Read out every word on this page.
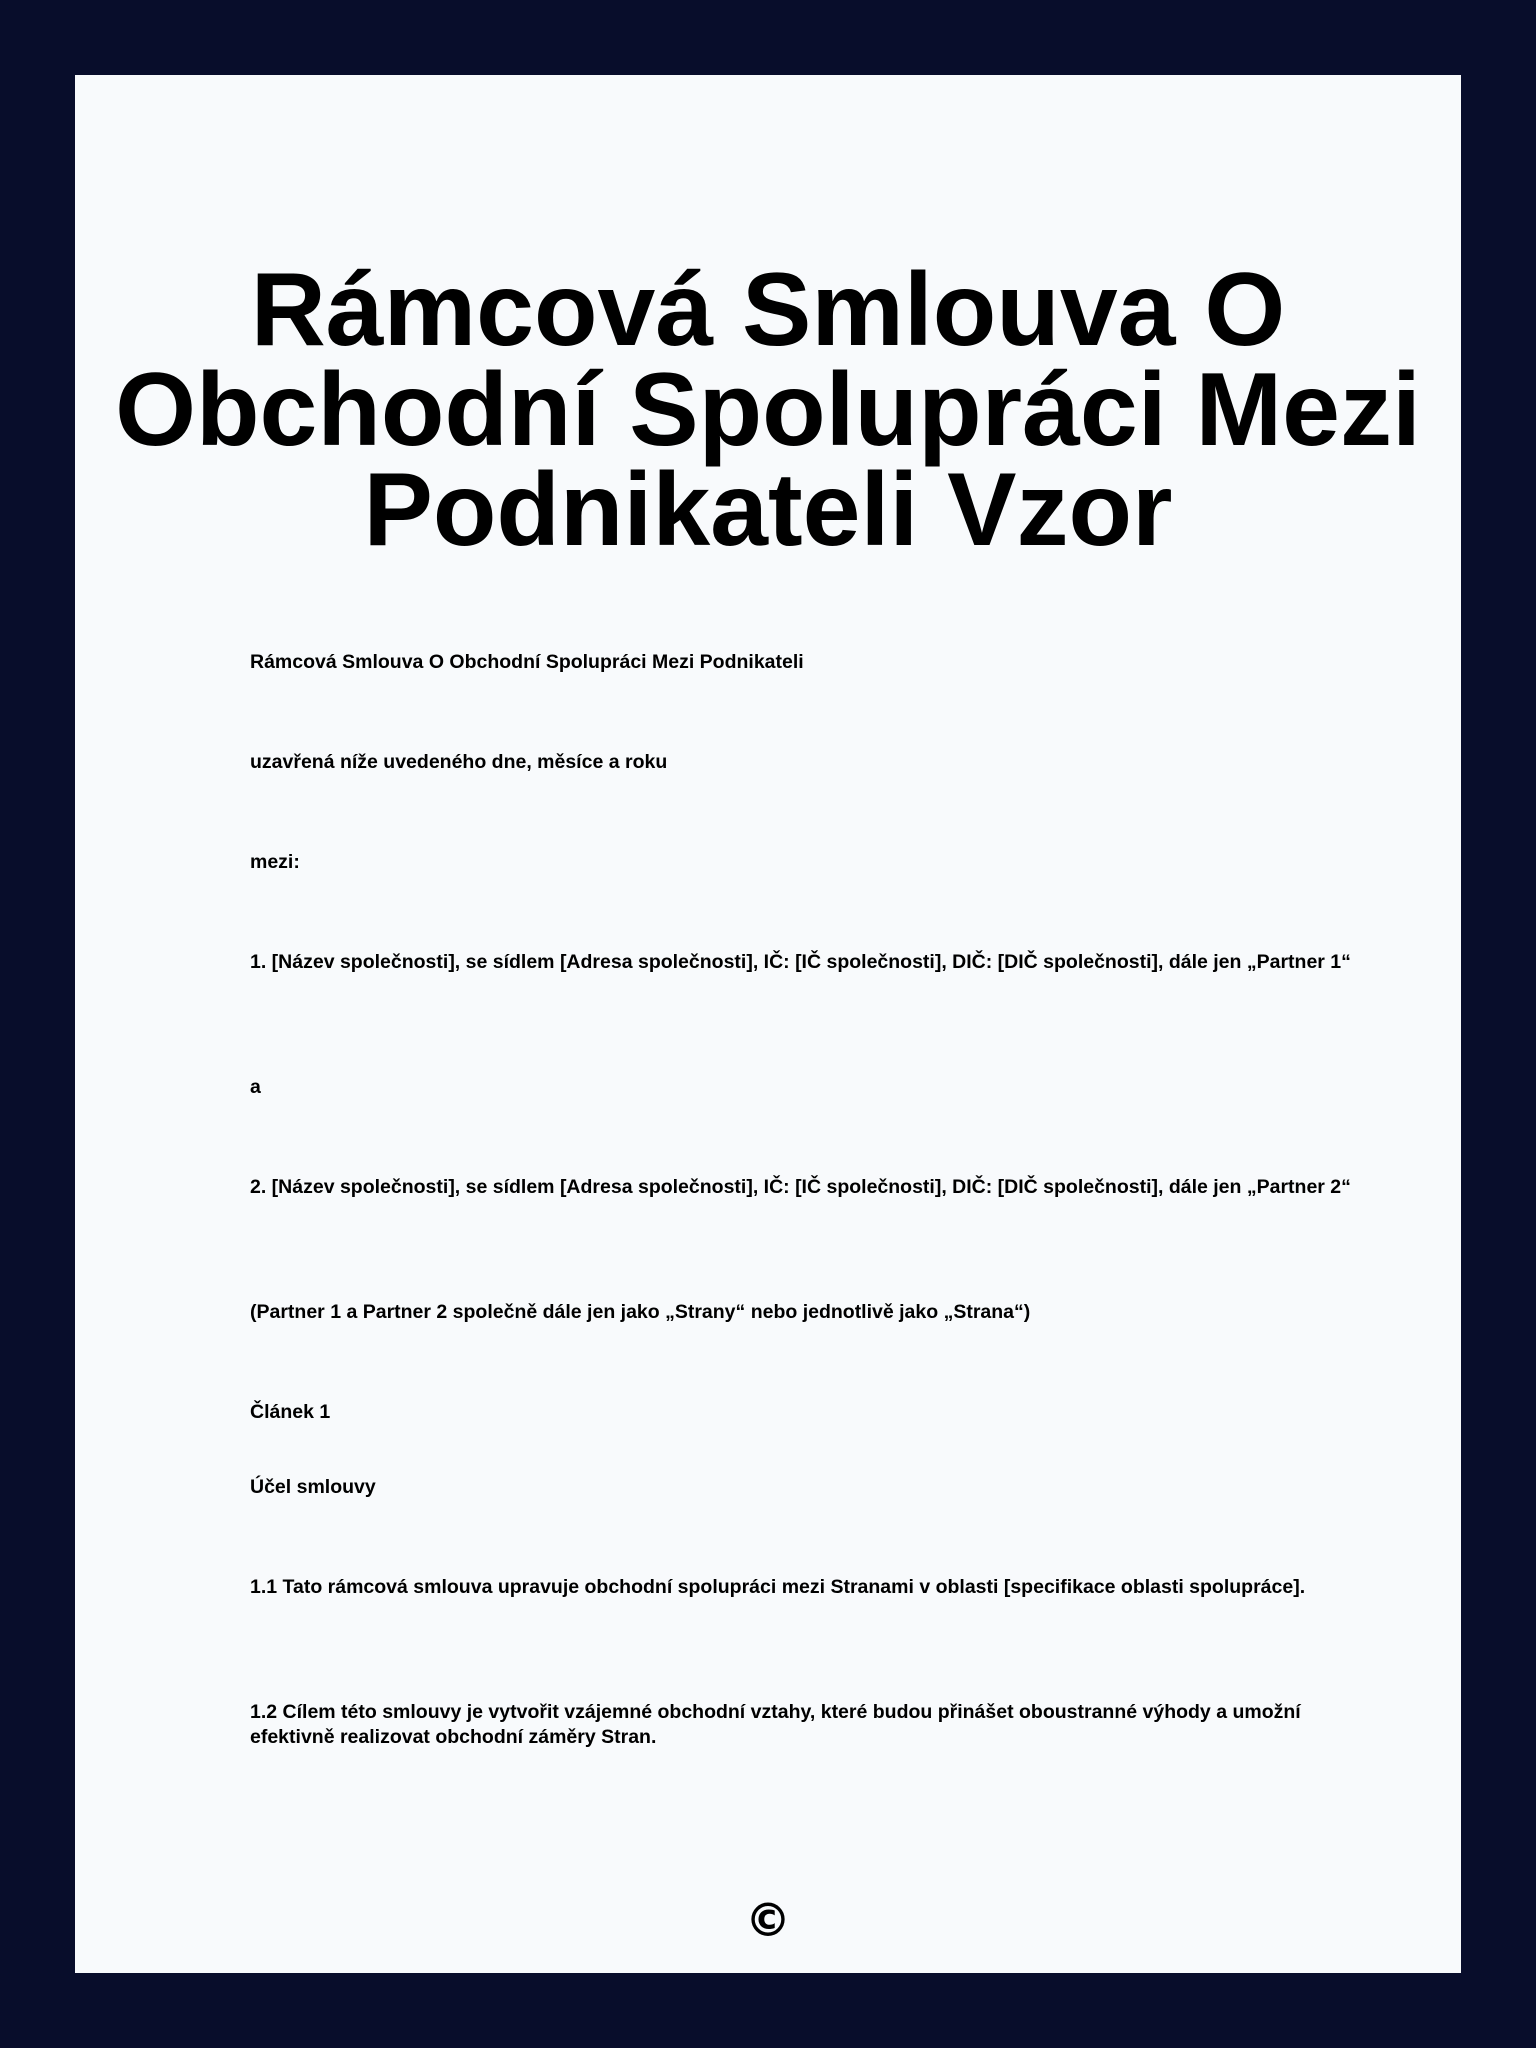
Rámcová Smlouva O Obchodní Spolupráci Mezi Podnikateli Vzor

Rámcová Smlouva O Obchodní Spolupráci Mezi Podnikateli

uzavřená níže uvedeného dne, měsíce a roku

mezi:

1. [Název společnosti], se sídlem [Adresa společnosti], IČ: [IČ společnosti], DIČ: [DIČ společnosti], dále jen „Partner 1“

a

2. [Název společnosti], se sídlem [Adresa společnosti], IČ: [IČ společnosti], DIČ: [DIČ společnosti], dále jen „Partner 2“

(Partner 1 a Partner 2 společně dále jen jako „Strany“ nebo jednotlivě jako „Strana“)

Článek 1

Účel smlouvy

1.1 Tato rámcová smlouva upravuje obchodní spolupráci mezi Stranami v oblasti [specifikace oblasti spolupráce].

1.2 Cílem této smlouvy je vytvořit vzájemné obchodní vztahy, které budou přinášet oboustranné výhody a umožní efektivně realizovat obchodní záměry Stran.

©
